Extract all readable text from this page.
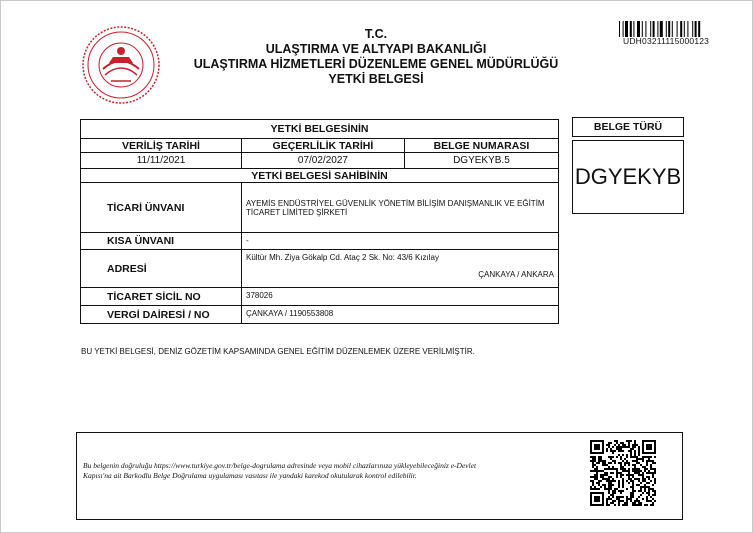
T.C.
ULAŞTIRMA VE ALTYAPI BAKANLIĞI
ULAŞTIRMA HİZMETLERİ DÜZENLEME GENEL MÜDÜRLÜĞÜ
YETKİ BELGESİ
UDH03211115000123
YETKİ BELGESİNİN		
VERİLİŞ TARİHİ	GEÇERLİLİK TARİHİ	BELGE NUMARASI
11/11/2021	07/02/2027	DGYEKYB.5
YETKİ BELGESİ SAHİBİNİN		
TİCARİ ÜNVANI	AYEMİS ENDÜSTRİYEL GÜVENLİK YÖNETİM BİLİŞİM DANIŞMANLIK VE EĞİTİM TİCARET LİMİTED ŞİRKETİ	
KISA ÜNVANI	-	
ADRESİ	Kültür Mh. Ziya Gökalp Cd. Ataç 2 Sk. No: 43/6 Kızılay
ÇANKAYA / ANKARA	

TİCARET SİCİL NO	378026	
VERGİ DAİRESİ / NO	ÇANKAYA / 1190553808	
BELGE TÜRÜ
DGYEKYB
BU YETKİ BELGESİ, DENİZ GÖZETİM KAPSAMINDA GENEL EĞİTİM DÜZENLEMEK ÜZERE VERİLMİŞTİR.
Bu belgenin doğruluğu https://www.turkiye.gov.tr/belge-dogrulama adresinde veya mobil cihazlarınıza yükleyebileceğiniz e-Devlet
Kapısı'na ait Barkodlu Belge Doğrulama uygulaması vasıtası ile yandaki karekod okutularak kontrol edilebilir.
